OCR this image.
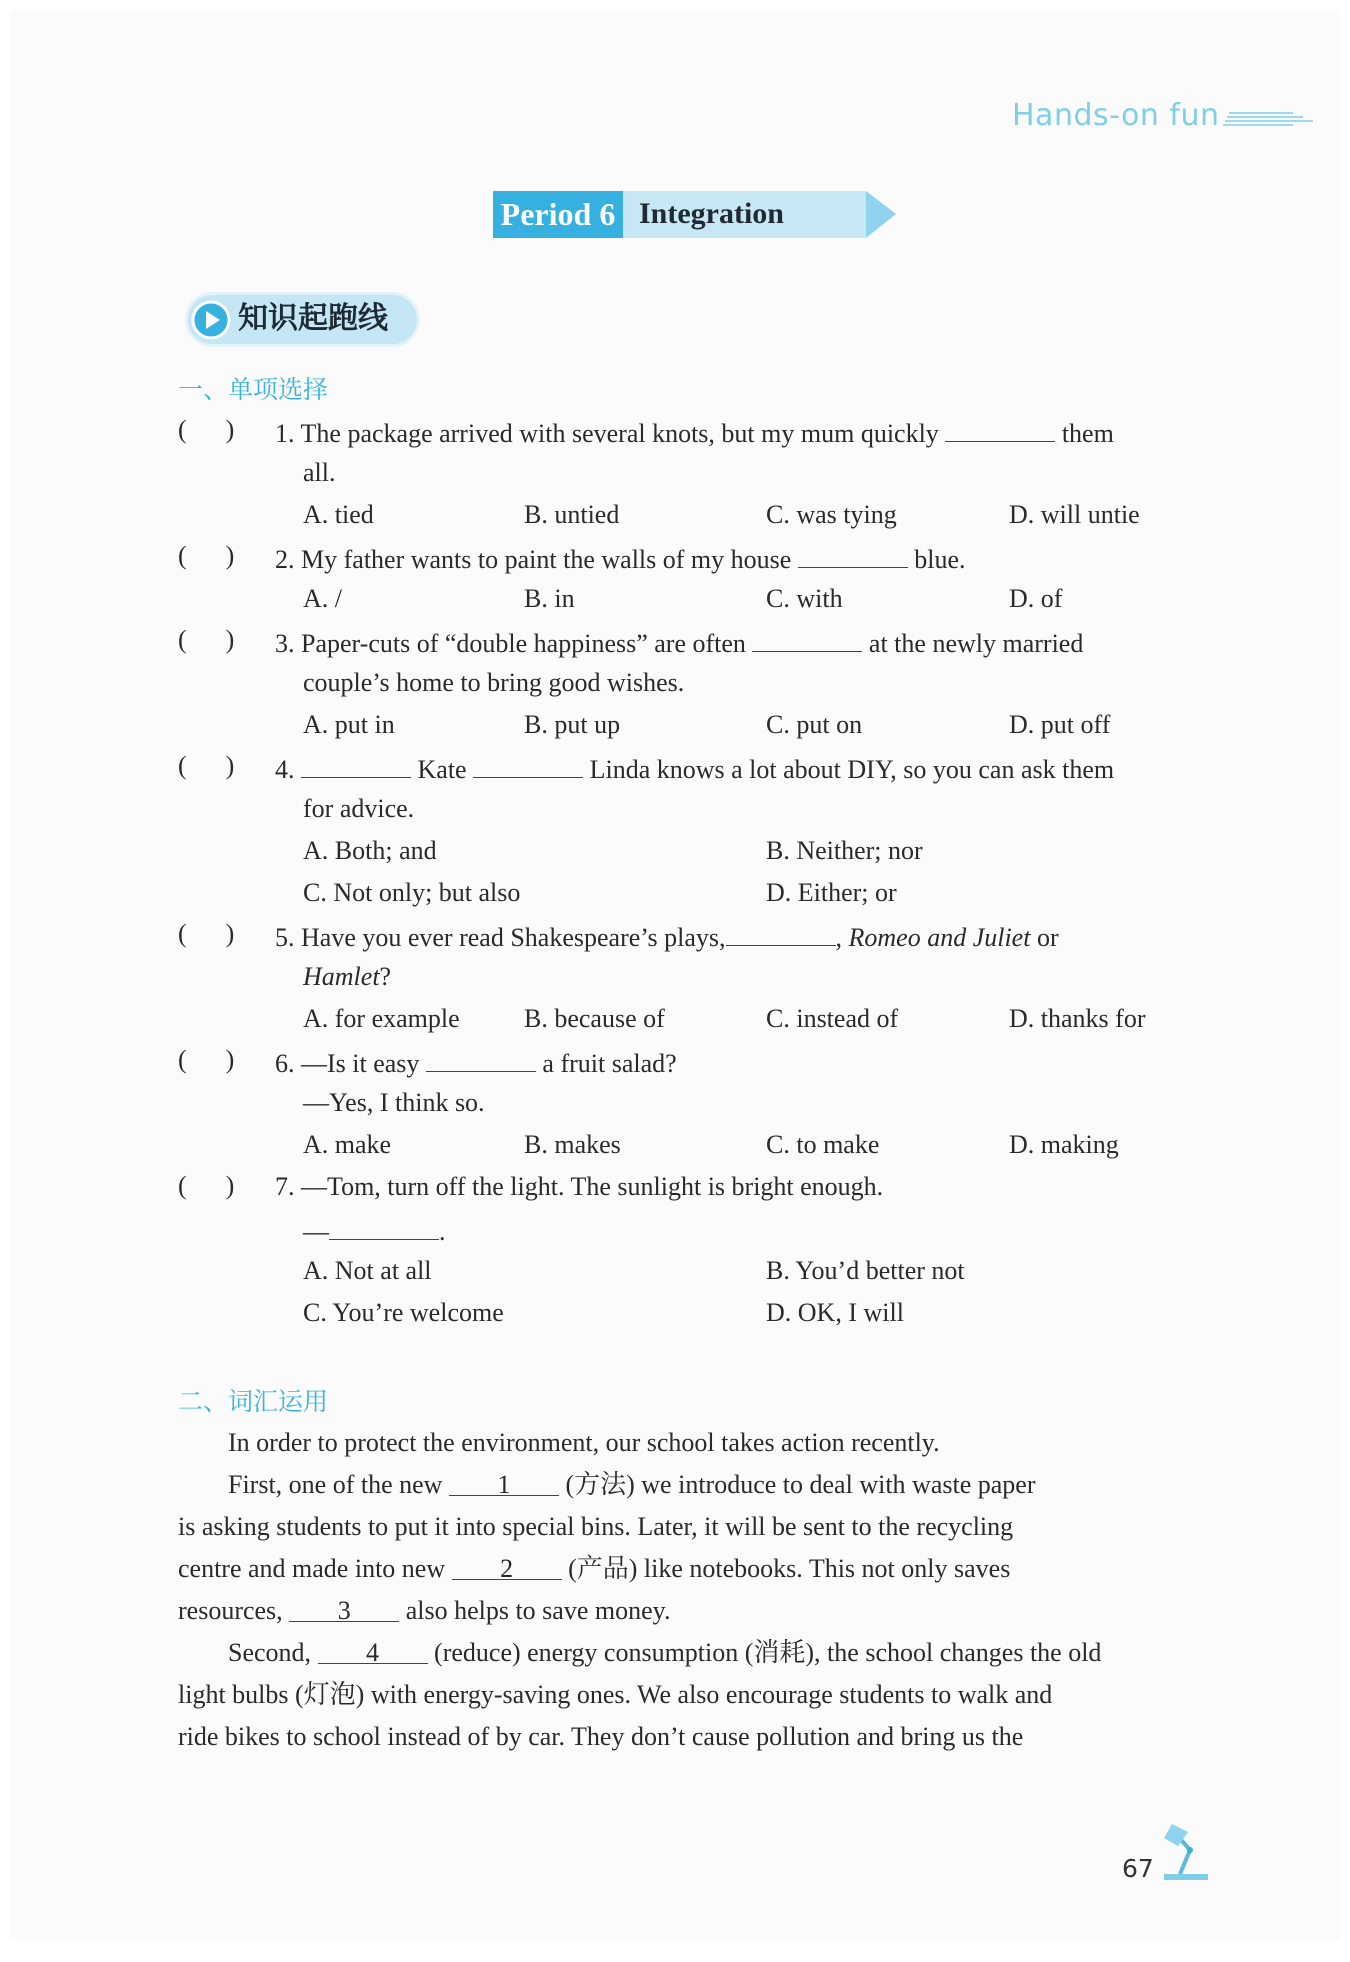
Hands-on fun
Period 6 Integration
知识起跑线
一、单项选择
(      ) 1. The package arrived with several knots, but my mum quickly	them
all.
A. tied	B. untied	C. was tying	D. will untie
(      ) 2. My father wants to paint the walls of my house	blue.
A. /	B. in	C. with	D. of
(      ) 3. Paper-cuts of “double happiness” are often	at the newly married
couple’s home to bring good wishes.
A. put in	B. put up	C. put on	D. put off
(      ) 4.	Kate	Linda knows a lot about DIY, so you can ask them
for advice.
A. Both; and	B. Neither; nor
C. Not only; but also	D. Either; or
(      ) 5. Have you ever read Shakespeare’s plays,	, Romeo and Juliet or
Hamlet?
A. for example B. because of	C. instead of	D. thanks for
(      ) 6. —Is it easy	a fruit salad?
—Yes, I think so.
A. make	B. makes	C. to make	D. making
(      ) 7. —Tom, turn off the light. The sunlight is bright enough.
—	.
A. Not at all	B. You’d better not
C. You’re welcome	D. OK, I will
二、词汇运用
In order to protect the environment, our school takes action recently.
First, one of the new 1 (方法) we introduce to deal with waste paper
is asking students to put it into special bins. Later, it will be sent to the recycling
centre and made into new 2 (产品) like notebooks. This not only saves
resources, 3 also helps to save money.
Second, 4 (reduce) energy consumption (消耗), the school changes the old
light bulbs (灯泡) with energy-saving ones. We also encourage students to walk and
ride bikes to school instead of by car. They don’t cause pollution and bring us the
67
